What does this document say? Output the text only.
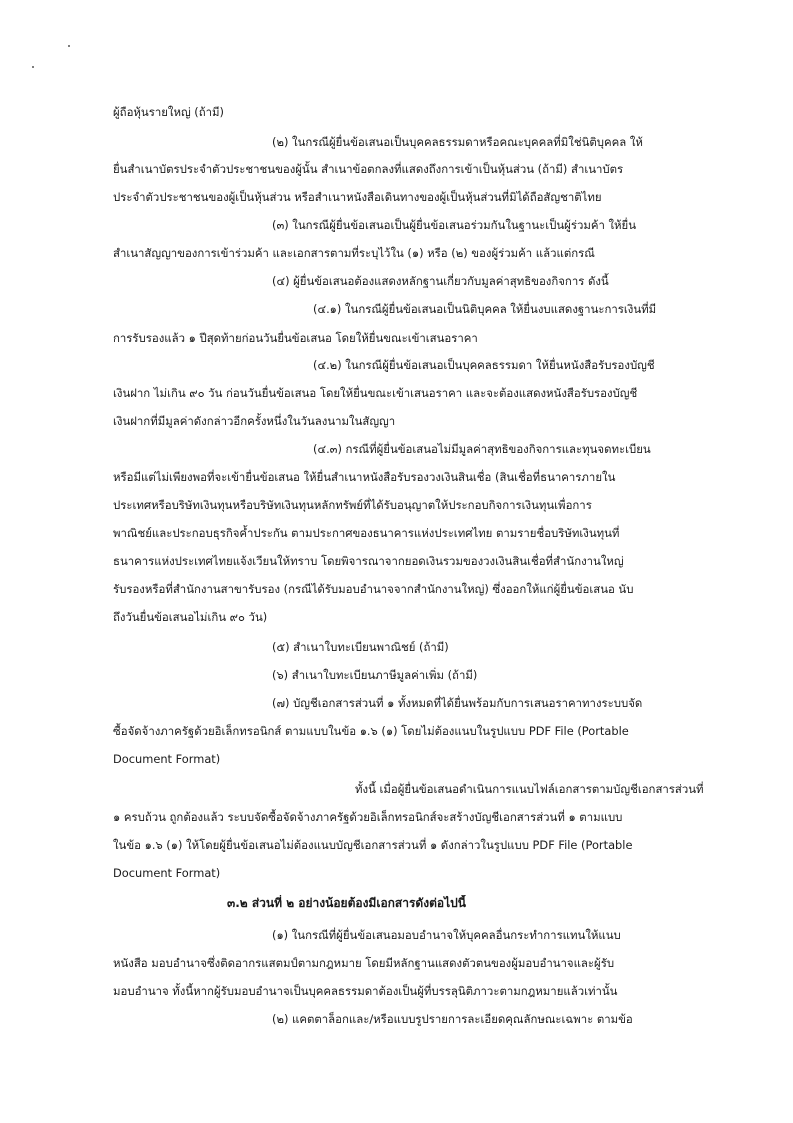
ผู้ถือหุ้นรายใหญ่ (ถ้ามี)
(๒) ในกรณีผู้ยื่นข้อเสนอเป็นบุคคลธรรมดาหรือคณะบุคคลที่มิใช่นิติบุคคล ให้
ยื่นสำเนาบัตรประจำตัวประชาชนของผู้นั้น สำเนาข้อตกลงที่แสดงถึงการเข้าเป็นหุ้นส่วน (ถ้ามี) สำเนาบัตร
ประจำตัวประชาชนของผู้เป็นหุ้นส่วน หรือสำเนาหนังสือเดินทางของผู้เป็นหุ้นส่วนที่มิได้ถือสัญชาติไทย
(๓) ในกรณีผู้ยื่นข้อเสนอเป็นผู้ยื่นข้อเสนอร่วมกันในฐานะเป็นผู้ร่วมค้า ให้ยื่น
สำเนาสัญญาของการเข้าร่วมค้า และเอกสารตามที่ระบุไว้ใน (๑) หรือ (๒) ของผู้ร่วมค้า แล้วแต่กรณี
(๔) ผู้ยื่นข้อเสนอต้องแสดงหลักฐานเกี่ยวกับมูลค่าสุทธิของกิจการ ดังนี้
(๔.๑) ในกรณีผู้ยื่นข้อเสนอเป็นนิติบุคคล ให้ยื่นงบแสดงฐานะการเงินที่มี
การรับรองแล้ว ๑ ปีสุดท้ายก่อนวันยื่นข้อเสนอ โดยให้ยื่นขณะเข้าเสนอราคา
(๔.๒) ในกรณีผู้ยื่นข้อเสนอเป็นบุคคลธรรมดา ให้ยื่นหนังสือรับรองบัญชี
เงินฝาก ไม่เกิน ๙๐ วัน ก่อนวันยื่นข้อเสนอ โดยให้ยื่นขณะเข้าเสนอราคา และจะต้องแสดงหนังสือรับรองบัญชี
เงินฝากที่มีมูลค่าดังกล่าวอีกครั้งหนึ่งในวันลงนามในสัญญา
(๔.๓) กรณีที่ผู้ยื่นข้อเสนอไม่มีมูลค่าสุทธิของกิจการและทุนจดทะเบียน
หรือมีแต่ไม่เพียงพอที่จะเข้ายื่นข้อเสนอ ให้ยื่นสำเนาหนังสือรับรองวงเงินสินเชื่อ (สินเชื่อที่ธนาคารภายใน
ประเทศหรือบริษัทเงินทุนหรือบริษัทเงินทุนหลักทรัพย์ที่ได้รับอนุญาตให้ประกอบกิจการเงินทุนเพื่อการ
พาณิชย์และประกอบธุรกิจค้ำประกัน ตามประกาศของธนาคารแห่งประเทศไทย ตามรายชื่อบริษัทเงินทุนที่
ธนาคารแห่งประเทศไทยแจ้งเวียนให้ทราบ โดยพิจารณาจากยอดเงินรวมของวงเงินสินเชื่อที่สำนักงานใหญ่
รับรองหรือที่สำนักงานสาขารับรอง (กรณีได้รับมอบอำนาจจากสำนักงานใหญ่) ซึ่งออกให้แก่ผู้ยื่นข้อเสนอ นับ
ถึงวันยื่นข้อเสนอไม่เกิน ๙๐ วัน)
(๕) สำเนาใบทะเบียนพาณิชย์ (ถ้ามี)
(๖) สำเนาใบทะเบียนภาษีมูลค่าเพิ่ม (ถ้ามี)
(๗) บัญชีเอกสารส่วนที่ ๑ ทั้งหมดที่ได้ยื่นพร้อมกับการเสนอราคาทางระบบจัด
ซื้อจัดจ้างภาครัฐด้วยอิเล็กทรอนิกส์ ตามแบบในข้อ ๑.๖ (๑) โดยไม่ต้องแนบในรูปแบบ PDF File (Portable
Document Format)
ทั้งนี้ เมื่อผู้ยื่นข้อเสนอดำเนินการแนบไฟล์เอกสารตามบัญชีเอกสารส่วนที่
๑ ครบถ้วน ถูกต้องแล้ว ระบบจัดซื้อจัดจ้างภาครัฐด้วยอิเล็กทรอนิกส์จะสร้างบัญชีเอกสารส่วนที่ ๑ ตามแบบ
ในข้อ ๑.๖ (๑) ให้โดยผู้ยื่นข้อเสนอไม่ต้องแนบบัญชีเอกสารส่วนที่ ๑ ดังกล่าวในรูปแบบ PDF File (Portable
Document Format)
๓.๒ ส่วนที่ ๒ อย่างน้อยต้องมีเอกสารดังต่อไปนี้
(๑) ในกรณีที่ผู้ยื่นข้อเสนอมอบอำนาจให้บุคคลอื่นกระทำการแทนให้แนบ
หนังสือ มอบอำนาจซึ่งติดอากรแสตมป์ตามกฎหมาย โดยมีหลักฐานแสดงตัวตนของผู้มอบอำนาจและผู้รับ
มอบอำนาจ ทั้งนี้หากผู้รับมอบอำนาจเป็นบุคคลธรรมดาต้องเป็นผู้ที่บรรลุนิติภาวะตามกฎหมายแล้วเท่านั้น
(๒) แคตตาล็อกและ/หรือแบบรูปรายการละเอียดคุณลักษณะเฉพาะ ตามข้อ
